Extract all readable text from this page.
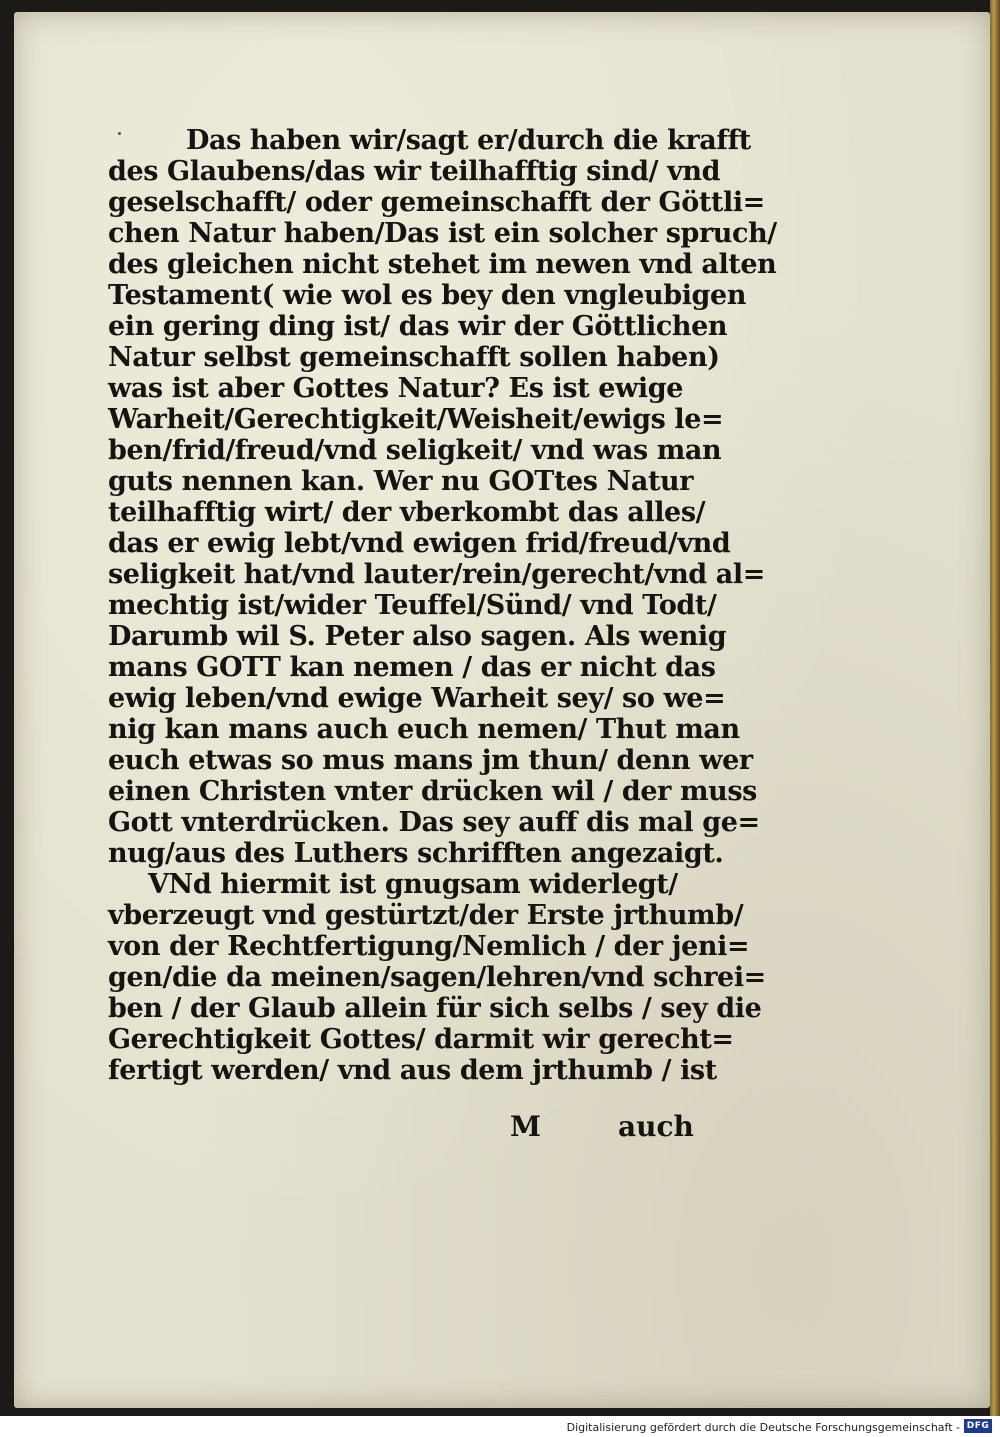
Das haben wir/sagt er/durch die krafft
des Glaubens/das wir teilhafftig sind/ vnd
geselschafft/ oder gemeinschafft der Göttli=
chen Natur haben/Das ist ein solcher spruch/
des gleichen nicht stehet im newen vnd alten
Testament( wie wol es bey den vngleubigen
ein gering ding ist/ das wir der Göttlichen
Natur selbst gemeinschafft sollen haben)
was ist aber Gottes Natur? Es ist ewige
Warheit/Gerechtigkeit/Weisheit/ewigs le=
ben/frid/freud/vnd seligkeit/ vnd was man
guts nennen kan. Wer nu GOTtes Natur
teilhafftig wirt/ der vberkombt das alles/
das er ewig lebt/vnd ewigen frid/freud/vnd
seligkeit hat/vnd lauter/rein/gerecht/vnd al=
mechtig ist/wider Teuffel/Sünd/ vnd Todt/
Darumb wil S. Peter also sagen. Als wenig
mans GOTT kan nemen / das er nicht das
ewig leben/vnd ewige Warheit sey/ so we=
nig kan mans auch euch nemen/ Thut man
euch etwas so mus mans jm thun/ denn wer
einen Christen vnter drücken wil / der muss
Gott vnterdrücken. Das sey auff dis mal ge=
nug/aus des Luthers schrifften angezaigt.
VNd hiermit ist gnugsam widerlegt/
vberzeugt vnd gestürtzt/der Erste jrthumb/
von der Rechtfertigung/Nemlich / der jeni=
gen/die da meinen/sagen/lehren/vnd schrei=
ben / der Glaub allein für sich selbs / sey die
Gerechtigkeit Gottes/ darmit wir gerecht=
fertigt werden/ vnd aus dem jrthumb / ist
M	auch
Digitalisierung gefördert durch die Deutsche Forschungsgemeinschaft - DFG
